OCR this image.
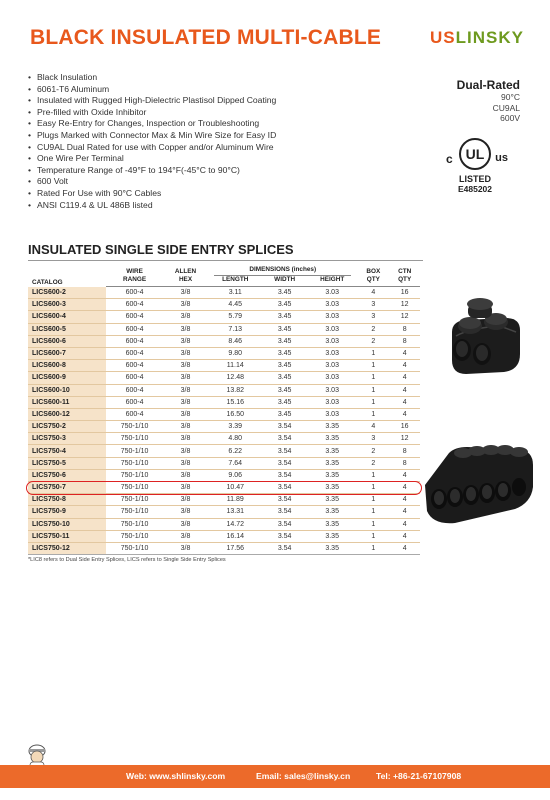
BLACK INSULATED MULTI-CABLE	USLINSKY
• Black Insulation
• 6061-T6 Aluminum
• Insulated with Rugged High-Dielectric Plastisol Dipped Coating
• Pre-filled with Oxide Inhibitor
• Easy Re-Entry for Changes, Inspection or Troubleshooting
• Plugs Marked with Connector Max & Min Wire Size for Easy ID
• CU9AL Dual Rated for use with Copper and/or Aluminum Wire
• One Wire Per Terminal
• Temperature Range of -49°F to 194°F(-45°C to 90°C)
• 600 Volt
• Rated For Use with 90°C Cables
• ANSI C119.4 & UL 486B listed
Dual-Rated
90°C
CU9AL
600V
c UL us
LISTED
E485202
INSULATED SINGLE SIDE ENTRY SPLICES
CATALOG	WIRE	ALLEN	DIMENSIONS (inches)			BOX	CTN
	RANGE	HEX	LENGTH	WIDTH	HEIGHT	QTY	QTY
LICS600-2	600-4	3/8	3.11	3.45	3.03	4	16
LICS600-3	600-4	3/8	4.45	3.45	3.03	3	12
LICS600-4	600-4	3/8	5.79	3.45	3.03	3	12
LICS600-5	600-4	3/8	7.13	3.45	3.03	2	8
LICS600-6	600-4	3/8	8.46	3.45	3.03	2	8
LICS600-7	600-4	3/8	9.80	3.45	3.03	1	4
LICS600-8	600-4	3/8	11.14	3.45	3.03	1	4
LICS600-9	600-4	3/8	12.48	3.45	3.03	1	4
LICS600-10	600-4	3/8	13.82	3.45	3.03	1	4
LICS600-11	600-4	3/8	15.16	3.45	3.03	1	4
LICS600-12	600-4	3/8	16.50	3.45	3.03	1	4
LICS750-2	750-1/10	3/8	3.39	3.54	3.35	4	16
LICS750-3	750-1/10	3/8	4.80	3.54	3.35	3	12
LICS750-4	750-1/10	3/8	6.22	3.54	3.35	2	8
LICS750-5	750-1/10	3/8	7.64	3.54	3.35	2	8
LICS750-6	750-1/10	3/8	9.06	3.54	3.35	1	4
LICS750-7	750-1/10	3/8	10.47	3.54	3.35	1	4
LICS750-8	750-1/10	3/8	11.89	3.54	3.35	1	4
LICS750-9	750-1/10	3/8	13.31	3.54	3.35	1	4
LICS750-10	750-1/10	3/8	14.72	3.54	3.35	1	4
LICS750-11	750-1/10	3/8	16.14	3.54	3.35	1	4
LICS750-12	750-1/10	3/8	17.56	3.54	3.35	1	4
*LIC8 refers to Dual Side Entry Splices, LICS refers to Single Side Entry Splices
Web: www.shlinsky.com	Email: sales@linsky.cn	Tel: +86-21-67107908
